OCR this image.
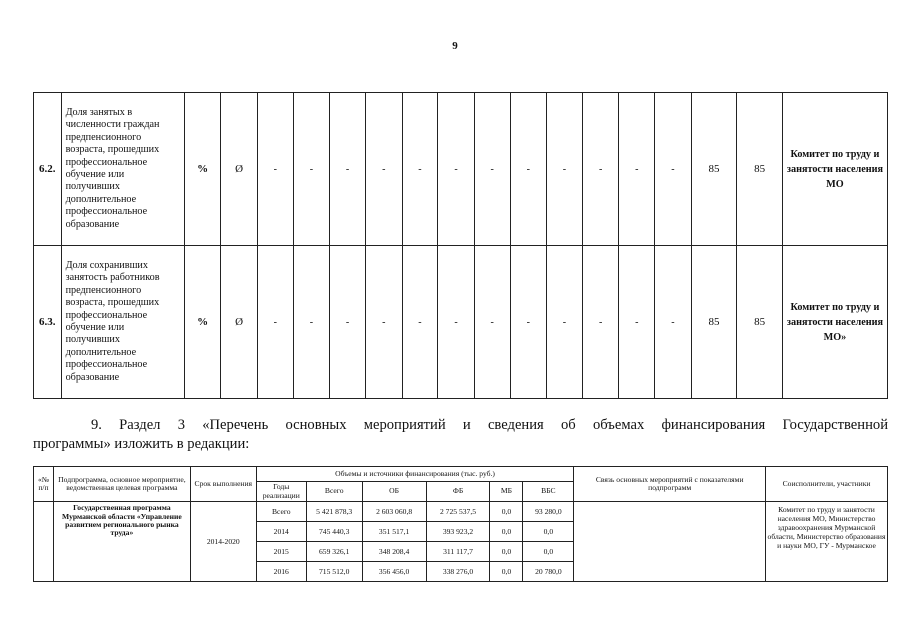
9
6.2.	Доля занятых в численности граждан предпенсионного возраста, прошедших профессиональное обучение или получивших дополнительное профессиональное образование	%	Ø	-	-	-	-	-	-	-	-	-	-	-	-	85	85	Комитет по труду и занятости населения МО
6.3.	Доля сохранивших занятость работников предпенсионного возраста, прошедших профессиональное обучение или получивших дополнительное профессиональное образование	%	Ø	-	-	-	-	-	-	-	-	-	-	-	-	85	85	Комитет по труду и занятости населения МО»
9. Раздел 3 «Перечень основных мероприятий и сведения об объемах финансирования Государственной
программы» изложить в редакции:
«№ п/п	Подпрограмма, основное мероприятие, ведомственная целевая программа	Срок выполнения	Объемы и источники финансирования (тыс. руб.)						Связь основных мероприятий с показателями подпрограмм	Соисполнители, участники
			Годы реализации	Всего	ОБ	ФБ	МБ	ВБС		
	Государственная программа Мурманской области «Управление развитием регионального рынка труда»	2014-2020	Всего	5 421 878,3	2 603 060,8	2 725 537,5	0,0	93 280,0		Комитет по труду и занятости населения МО, Министерство здравоохранения Мурманской области, Министерство образования и науки МО, ГУ - Мурманское
			2014	745 440,3	351 517,1	393 923,2	0,0	0,0		
			2015	659 326,1	348 208,4	311 117,7	0,0	0,0		
			2016	715 512,0	356 456,0	338 276,0	0,0	20 780,0		
